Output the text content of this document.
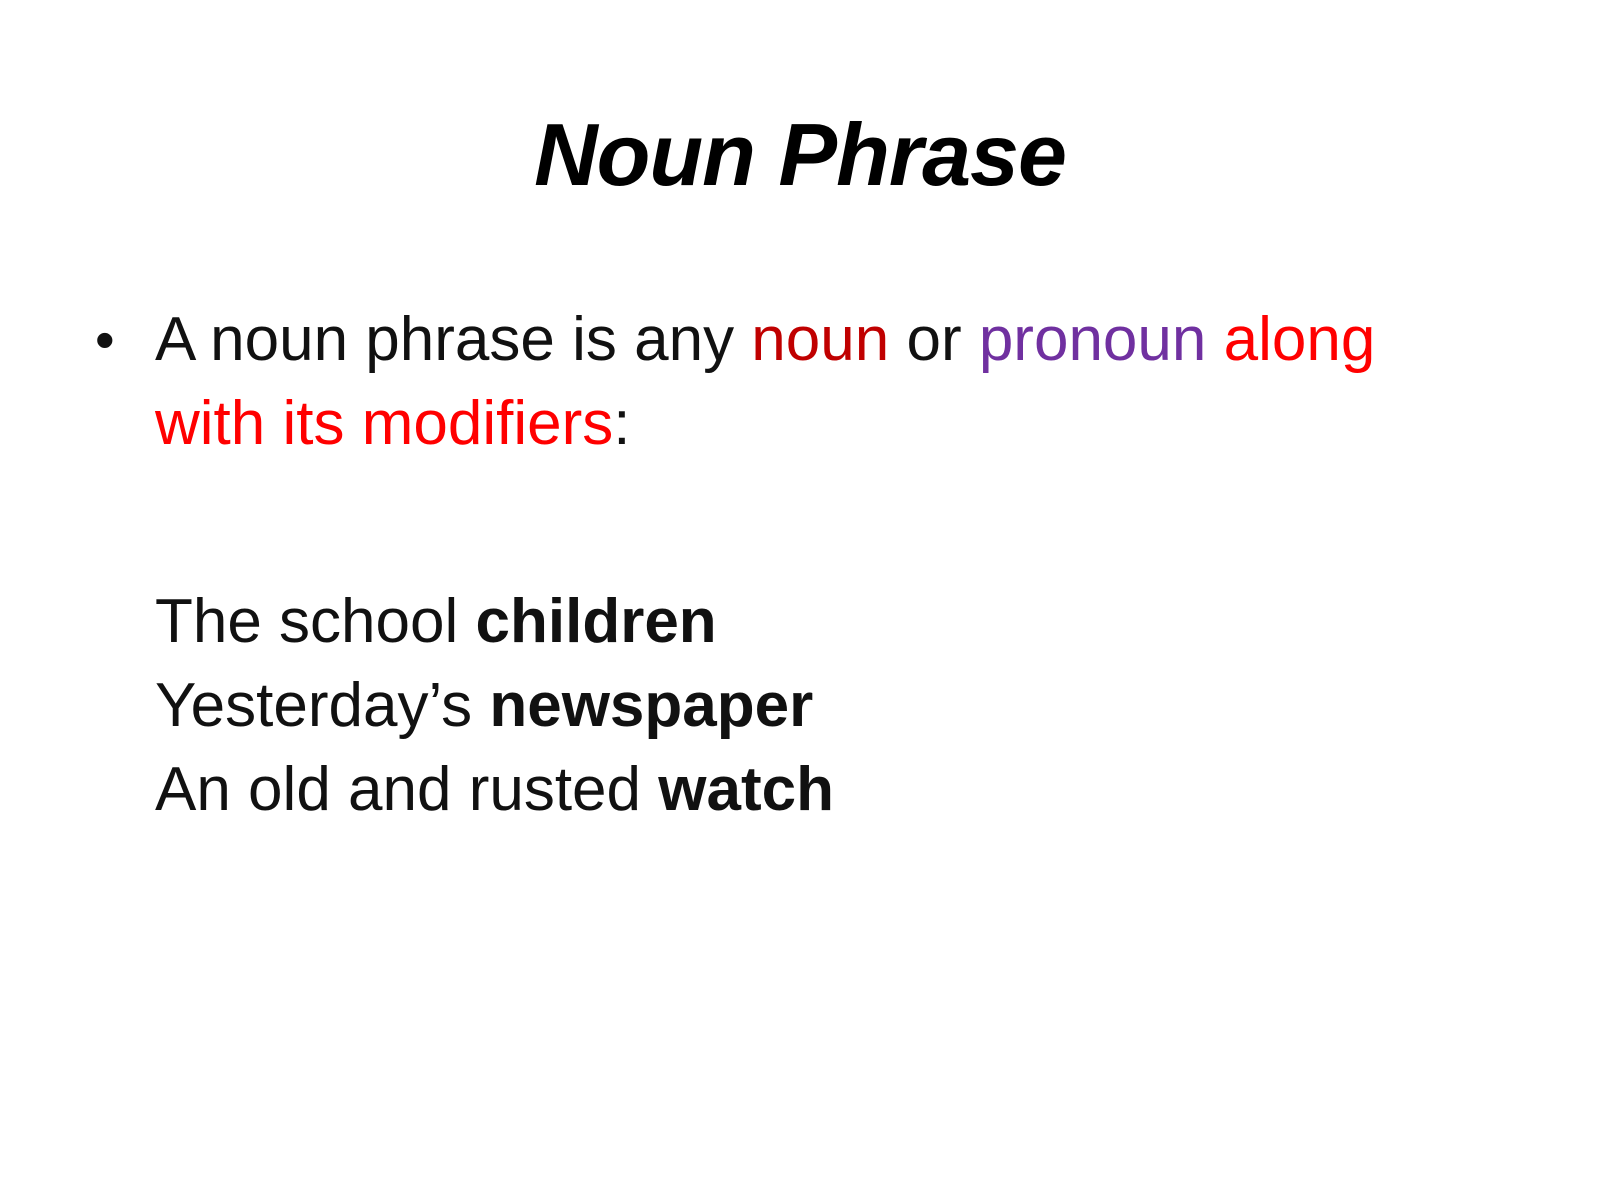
Noun Phrase
• A noun phrase is any noun or pronoun along
with its modifiers:
The school children
Yesterday’s newspaper
An old and rusted watch
